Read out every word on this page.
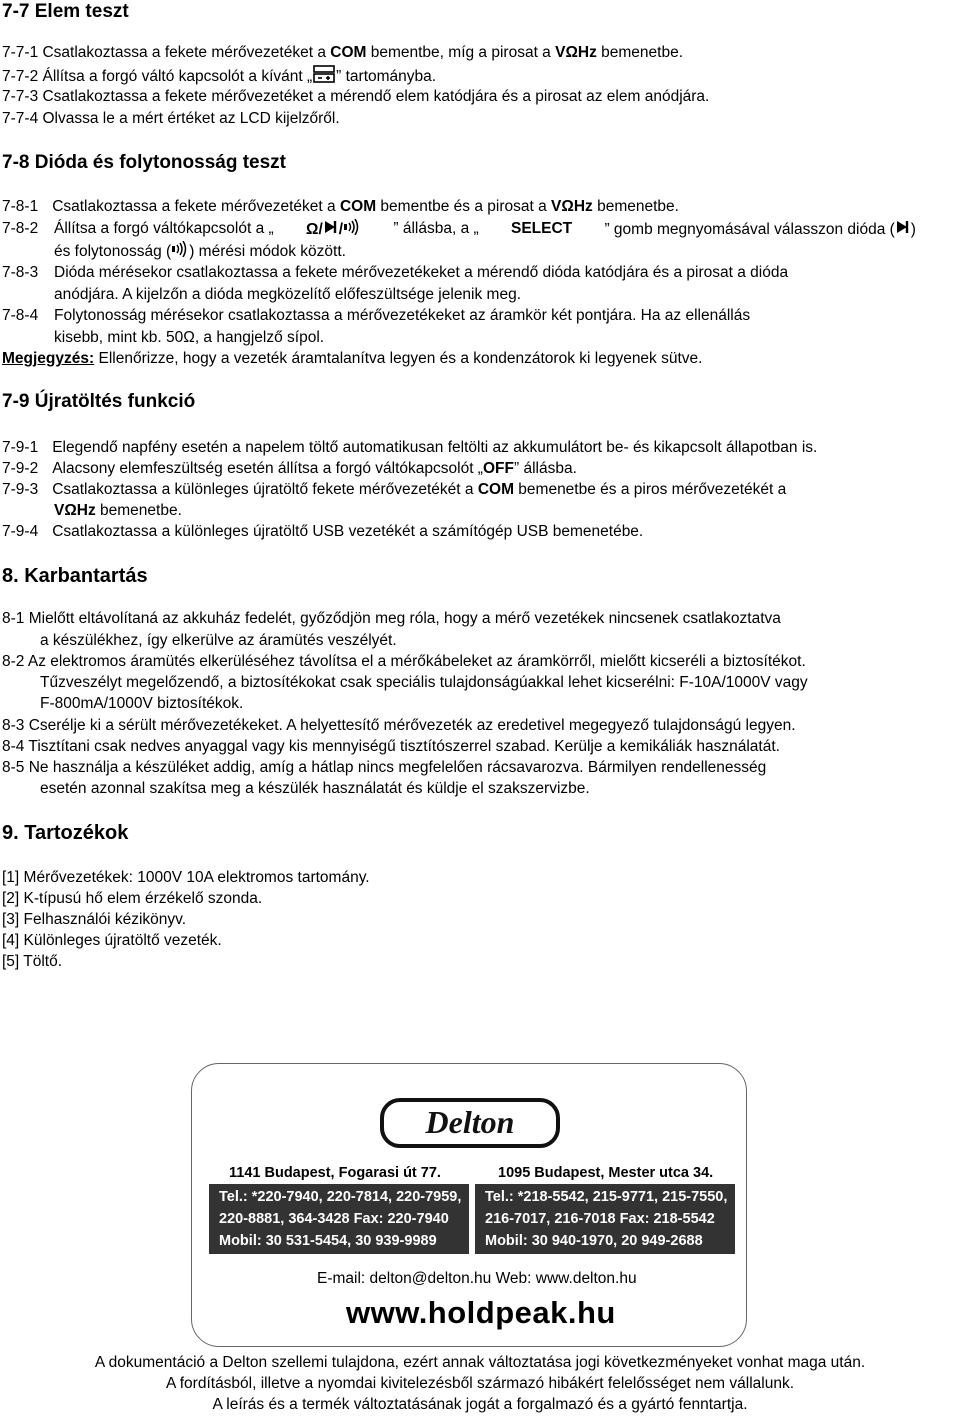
7-7 Elem teszt
7-7-1 Csatlakoztassa a fekete mérővezetéket a COM bementbe, míg a pirosat a VΩHz bemenetbe.
7-7-2 Állítsa a forgó váltó kapcsolót a kívánt „ ” tartományba.
7-7-3 Csatlakoztassa a fekete mérővezetéket a mérendő elem katódjára és a pirosat az elem anódjára.
7-7-4 Olvassa le a mért értéket az LCD kijelzőről.
7-8 Dióda és folytonosság teszt
7-8-1 Csatlakoztassa a fekete mérővezetéket a COM bementbe és a pirosat a VΩHz bemenetbe.
7-8-2 Állítsa a forgó váltókapcsolót a „ Ω/ /	” állásba, a „ SELECT ” gomb megnyomásával válasszon dióda ( )
és folytonosság ( ) mérési módok között.
7-8-3 Dióda mérésekor csatlakoztassa a fekete mérővezetékeket a mérendő dióda katódjára és a pirosat a dióda
anódjára. A kijelzőn a dióda megközelítő előfeszültsége jelenik meg.
7-8-4 Folytonosság mérésekor csatlakoztassa a mérővezetékeket az áramkör két pontjára. Ha az ellenállás
kisebb, mint kb. 50Ω, a hangjelző sípol.
Megjegyzés: Ellenőrizze, hogy a vezeték áramtalanítva legyen és a kondenzátorok ki legyenek sütve.
7-9 Újratöltés funkció
7-9-1 Elegendő napfény esetén a napelem töltő automatikusan feltölti az akkumulátort be- és kikapcsolt állapotban is.
7-9-2 Alacsony elemfeszültség esetén állítsa a forgó váltókapcsolót „OFF” állásba.
7-9-3 Csatlakoztassa a különleges újratöltő fekete mérővezetékét a COM bemenetbe és a piros mérővezetékét a
VΩHz bemenetbe.
7-9-4 Csatlakoztassa a különleges újratöltő USB vezetékét a számítógép USB bemenetébe.
8. Karbantartás
8-1 Mielőtt eltávolítaná az akkuház fedelét, győződjön meg róla, hogy a mérő vezetékek nincsenek csatlakoztatva
a készülékhez, így elkerülve az áramütés veszélyét.
8-2 Az elektromos áramütés elkerüléséhez távolítsa el a mérőkábeleket az áramkörről, mielőtt kicseréli a biztosítékot.
Tűzveszélyt megelőzendő, a biztosítékokat csak speciális tulajdonságúakkal lehet kicserélni: F-10A/1000V vagy
F-800mA/1000V biztosítékok.
8-3 Cserélje ki a sérült mérővezetékeket. A helyettesítő mérővezeték az eredetivel megegyező tulajdonságú legyen.
8-4 Tisztítani csak nedves anyaggal vagy kis mennyiségű tisztítószerrel szabad. Kerülje a kemikáliák használatát.
8-5 Ne használja a készüléket addig, amíg a hátlap nincs megfelelően rácsavarozva. Bármilyen rendellenesség
esetén azonnal szakítsa meg a készülék használatát és küldje el szakszervizbe.
9. Tartozékok
[1] Mérővezetékek: 1000V 10A elektromos tartomány.
[2] K-típusú hő elem érzékelő szonda.
[3] Felhasználói kézikönyv.
[4] Különleges újratöltő vezeték.
[5] Töltő.
Delton
1141 Budapest, Fogarasi út 77.	1095 Budapest, Mester utca 34.
Tel.: *220-7940, 220-7814, 220-7959,
220-8881, 364-3428 Fax: 220-7940
Mobil: 30 531-5454, 30 939-9989
Tel.: *218-5542, 215-9771, 215-7550,
216-7017, 216-7018 Fax: 218-5542
Mobil: 30 940-1970, 20 949-2688
E-mail: delton@delton.hu Web: www.delton.hu
www.holdpeak.hu
A dokumentáció a Delton szellemi tulajdona, ezért annak változtatása jogi következményeket vonhat maga után.
A fordításból, illetve a nyomdai kivitelezésből származó hibákért felelősséget nem vállalunk.
A leírás és a termék változtatásának jogát a forgalmazó és a gyártó fenntartja.
